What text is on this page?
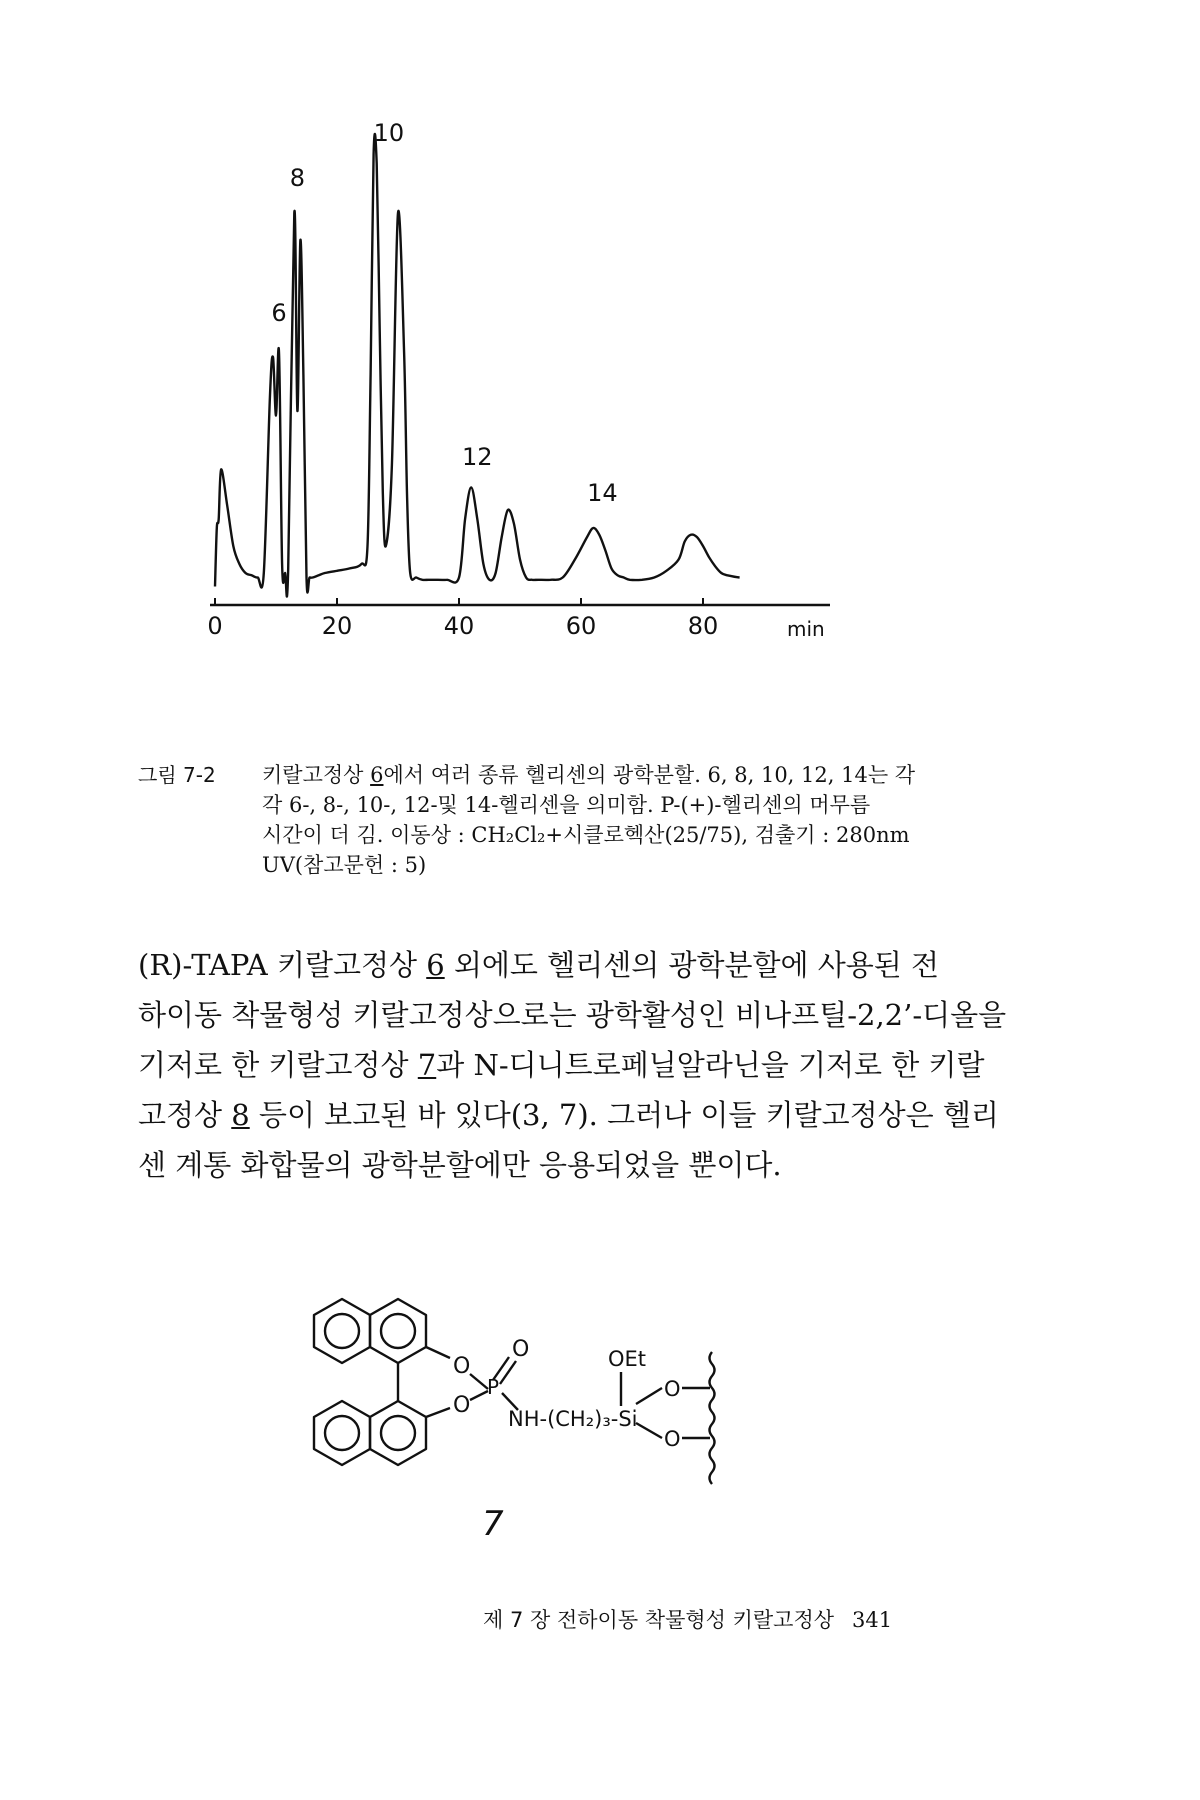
0	20	40	60	80	min
6
8
10
12
14
그림 7-2	키랄고정상 6에서 여러 종류 헬리센의 광학분할. 6, 8, 10, 12, 14는 각
각 6-, 8-, 10-, 12-및 14-헬리센을 의미함. P-(+)-헬리센의 머무름
시간이 더 김. 이동상 : CH₂Cl₂+시클로헥산(25/75), 검출기 : 280nm
UV(참고문헌 : 5)
(R)-TAPA 키랄고정상 6 외에도 헬리센의 광학분할에 사용된 전
하이동 착물형성 키랄고정상으로는 광학활성인 비나프틸-2,2’-디올을
기저로 한 키랄고정상 7과 N-디니트로페닐알라닌을 기저로 한 키랄
고정상 8 등이 보고된 바 있다(3, 7). 그러나 이들 키랄고정상은 헬리
센 계통 화합물의 광학분할에만 응용되었을 뿐이다.
O
O
O
P
NH-(CH₂)₃-Si
OEt
O
O
7
제 7 장 전하이동 착물형성 키랄고정상 341
